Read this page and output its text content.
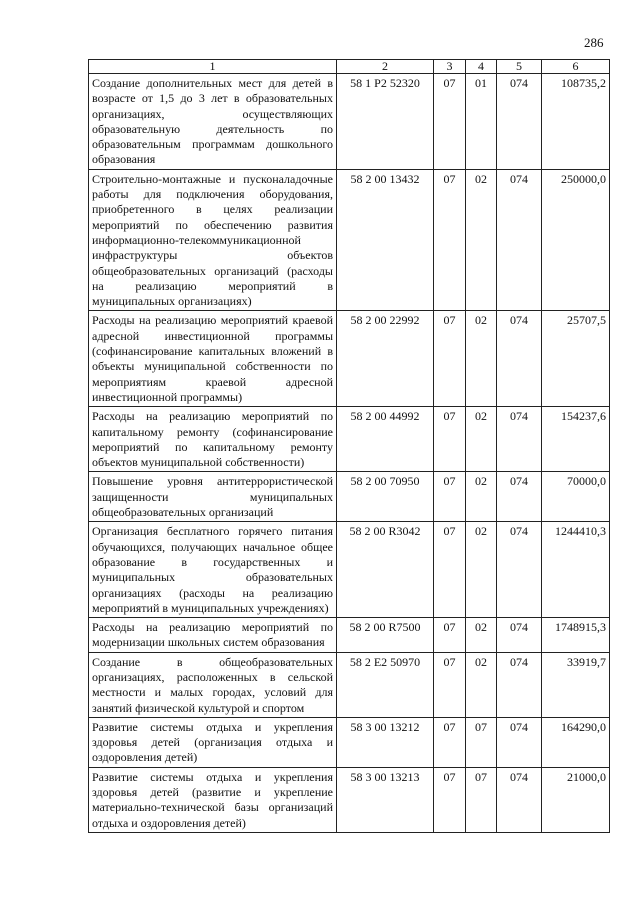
286
1	2	3	4	5	6
Создание дополнительных мест для детей в возрасте от 1,5 до 3 лет в образовательных организациях, осуществляющих образовательную деятельность по образовательным программам дошкольного образования	58 1 P2 52320	07	01	074	108735,2
Строительно-монтажные и пусконаладочные работы для подключения оборудования, приобретенного в целях реализации мероприятий по обеспечению развития информационно-телекоммуникационной инфраструктуры объектов общеобразовательных организаций (расходы на реализацию мероприятий в муниципальных организациях)	58 2 00 13432	07	02	074	250000,0
Расходы на реализацию мероприятий краевой адресной инвестиционной программы (софинансирование капитальных вложений в объекты муниципальной собственности по мероприятиям краевой адресной инвестиционной программы)	58 2 00 22992	07	02	074	25707,5
Расходы на реализацию мероприятий по капитальному ремонту (софинансирование мероприятий по капитальному ремонту объектов муниципальной собственности)	58 2 00 44992	07	02	074	154237,6
Повышение уровня антитеррористической защищенности муниципальных общеобразовательных организаций	58 2 00 70950	07	02	074	70000,0
Организация бесплатного горячего питания обучающихся, получающих начальное общее образование в государственных и муниципальных образовательных организациях (расходы на реализацию мероприятий в муниципальных учреждениях)	58 2 00 R3042	07	02	074	1244410,3
Расходы на реализацию мероприятий по модернизации школьных систем образования	58 2 00 R7500	07	02	074	1748915,3
Создание в общеобразовательных организациях, расположенных в сельской местности и малых городах, условий для занятий физической культурой и спортом	58 2 E2 50970	07	02	074	33919,7
Развитие системы отдыха и укрепления здоровья детей (организация отдыха и оздоровления детей)	58 3 00 13212	07	07	074	164290,0
Развитие системы отдыха и укрепления здоровья детей (развитие и укрепление материально-технической базы организаций отдыха и оздоровления детей)	58 3 00 13213	07	07	074	21000,0
